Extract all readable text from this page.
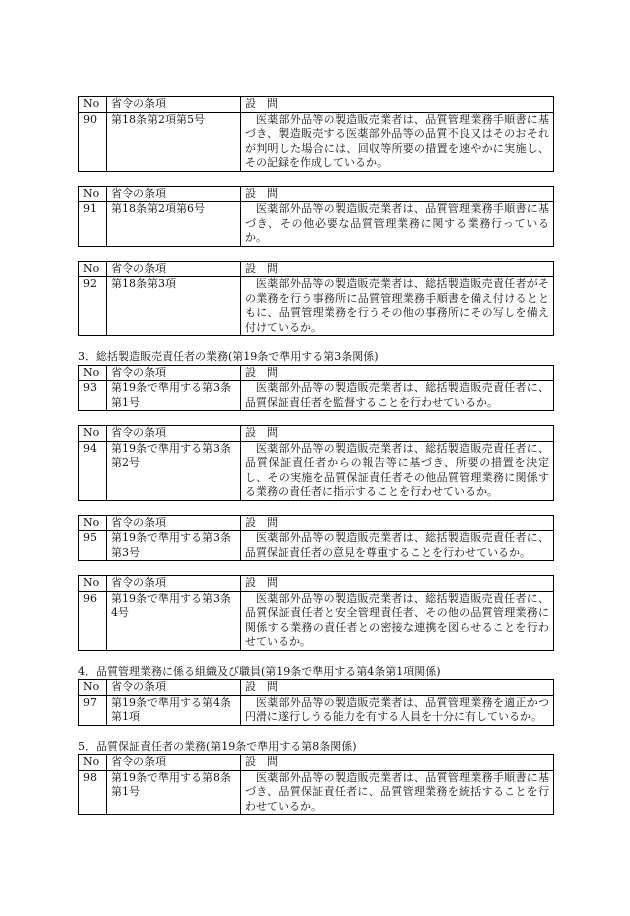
No	省令の条項	設　問
90	第18条第2項第5号	医薬部外品等の製造販売業者は、品質管理業務手順書に基づき、製造販売する医薬部外品等の品質不良又はそのおそれが判明した場合には、回収等所要の措置を速やかに実施し、その記録を作成しているか。
No	省令の条項	設　問
91	第18条第2項第6号	医薬部外品等の製造販売業者は、品質管理業務手順書に基づき、その他必要な品質管理業務に関する業務行っているか。
No	省令の条項	設　問
92	第18条第3項	医薬部外品等の製造販売業者は、総括製造販売責任者がその業務を行う事務所に品質管理業務手順書を備え付けるとともに、品質管理業務を行うその他の事務所にその写しを備え付けているか。
3．総括製造販売責任者の業務(第19条で準用する第3条関係)
No	省令の条項	設　問
93	第19条で準用する第3条第1号	医薬部外品等の製造販売業者は、総括製造販売責任者に、品質保証責任者を監督することを行わせているか。
No	省令の条項	設　問
94	第19条で準用する第3条第2号	医薬部外品等の製造販売業者は、総括製造販売責任者に、品質保証責任者からの報告等に基づき、所要の措置を決定し、その実施を品質保証責任者その他品質管理業務に関係する業務の責任者に指示することを行わせているか。
No	省令の条項	設　問
95	第19条で準用する第3条第3号	医薬部外品等の製造販売業者は、総括製造販売責任者に、品質保証責任者の意見を尊重することを行わせているか。
No	省令の条項	設　問
96	第19条で準用する第3条4号	医薬部外品等の製造販売業者は、総括製造販売責任者に、品質保証責任者と安全管理責任者、その他の品質管理業務に関係する業務の責任者との密接な連携を図らせることを行わせているか。
4．品質管理業務に係る組織及び職員(第19条で準用する第4条第1項関係)
No	省令の条項	設　問
97	第19条で準用する第4条第1項	医薬部外品等の製造販売業者は、品質管理業務を適正かつ円滑に遂行しうる能力を有する人員を十分に有しているか。
5．品質保証責任者の業務(第19条で準用する第8条関係)
No	省令の条項	設　問
98	第19条で準用する第8条第1号	医薬部外品等の製造販売業者は、品質管理業務手順書に基づき、品質保証責任者に、品質管理業務を統括することを行わせているか。
